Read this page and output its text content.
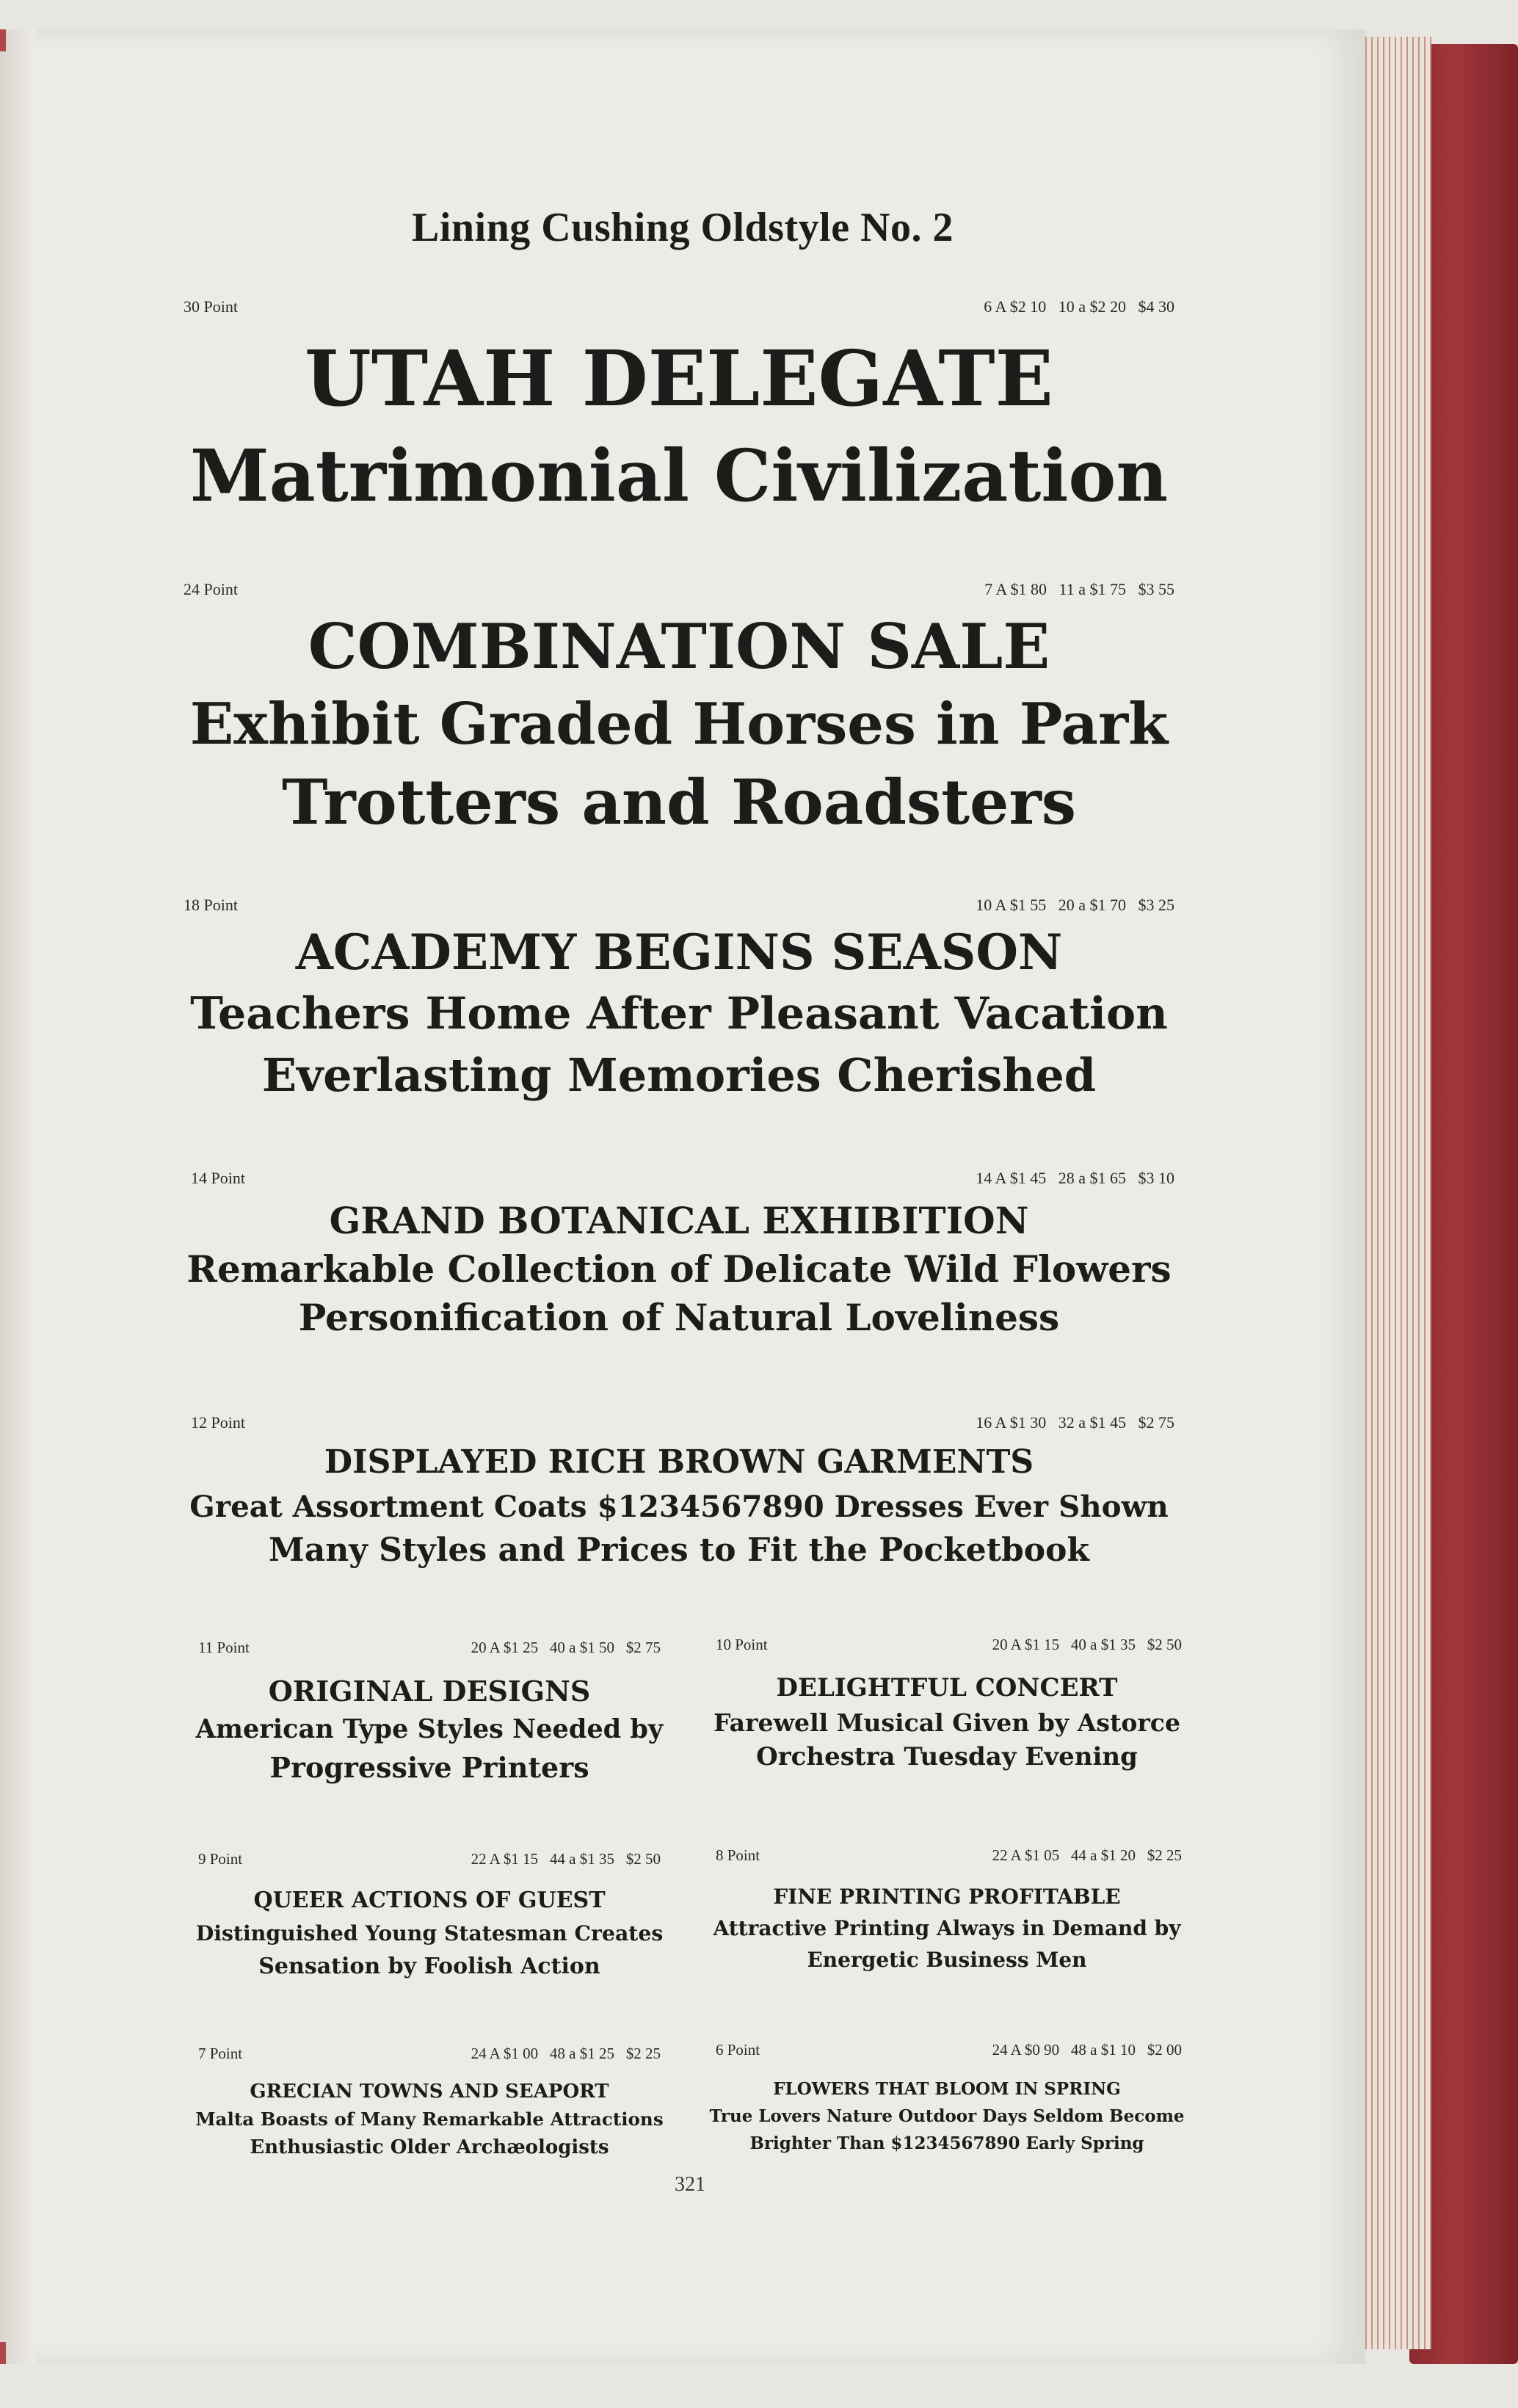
Lining Cushing Oldstyle No. 2
30 Point	6 A $2 10   10 a $2 20   $4 30
UTAH DELEGATE
Matrimonial Civilization
24 Point	7 A $1 80   11 a $1 75   $3 55
COMBINATION SALE
Exhibit Graded Horses in Park
Trotters and Roadsters
18 Point	10 A $1 55   20 a $1 70   $3 25
ACADEMY BEGINS SEASON
Teachers Home After Pleasant Vacation
Everlasting Memories Cherished
14 Point	14 A $1 45   28 a $1 65   $3 10
GRAND BOTANICAL EXHIBITION
Remarkable Collection of Delicate Wild Flowers
Personification of Natural Loveliness
12 Point	16 A $1 30   32 a $1 45   $2 75
DISPLAYED RICH BROWN GARMENTS
Great Assortment Coats $1234567890 Dresses Ever Shown
Many Styles and Prices to Fit the Pocketbook
11 Point	20 A $1 25   40 a $1 50   $2 75
ORIGINAL DESIGNS
American Type Styles Needed by
Progressive Printers
10 Point	20 A $1 15   40 a $1 35   $2 50
DELIGHTFUL CONCERT
Farewell Musical Given by Astorce
Orchestra Tuesday Evening
9 Point	22 A $1 15   44 a $1 35   $2 50
QUEER ACTIONS OF GUEST
Distinguished Young Statesman Creates
Sensation by Foolish Action
8 Point	22 A $1 05   44 a $1 20   $2 25
FINE PRINTING PROFITABLE
Attractive Printing Always in Demand by
Energetic Business Men
7 Point	24 A $1 00   48 a $1 25   $2 25
GRECIAN TOWNS AND SEAPORT
Malta Boasts of Many Remarkable Attractions
Enthusiastic Older Archæologists
6 Point	24 A $0 90   48 a $1 10   $2 00
FLOWERS THAT BLOOM IN SPRING
True Lovers Nature Outdoor Days Seldom Become
Brighter Than $1234567890 Early Spring
321
